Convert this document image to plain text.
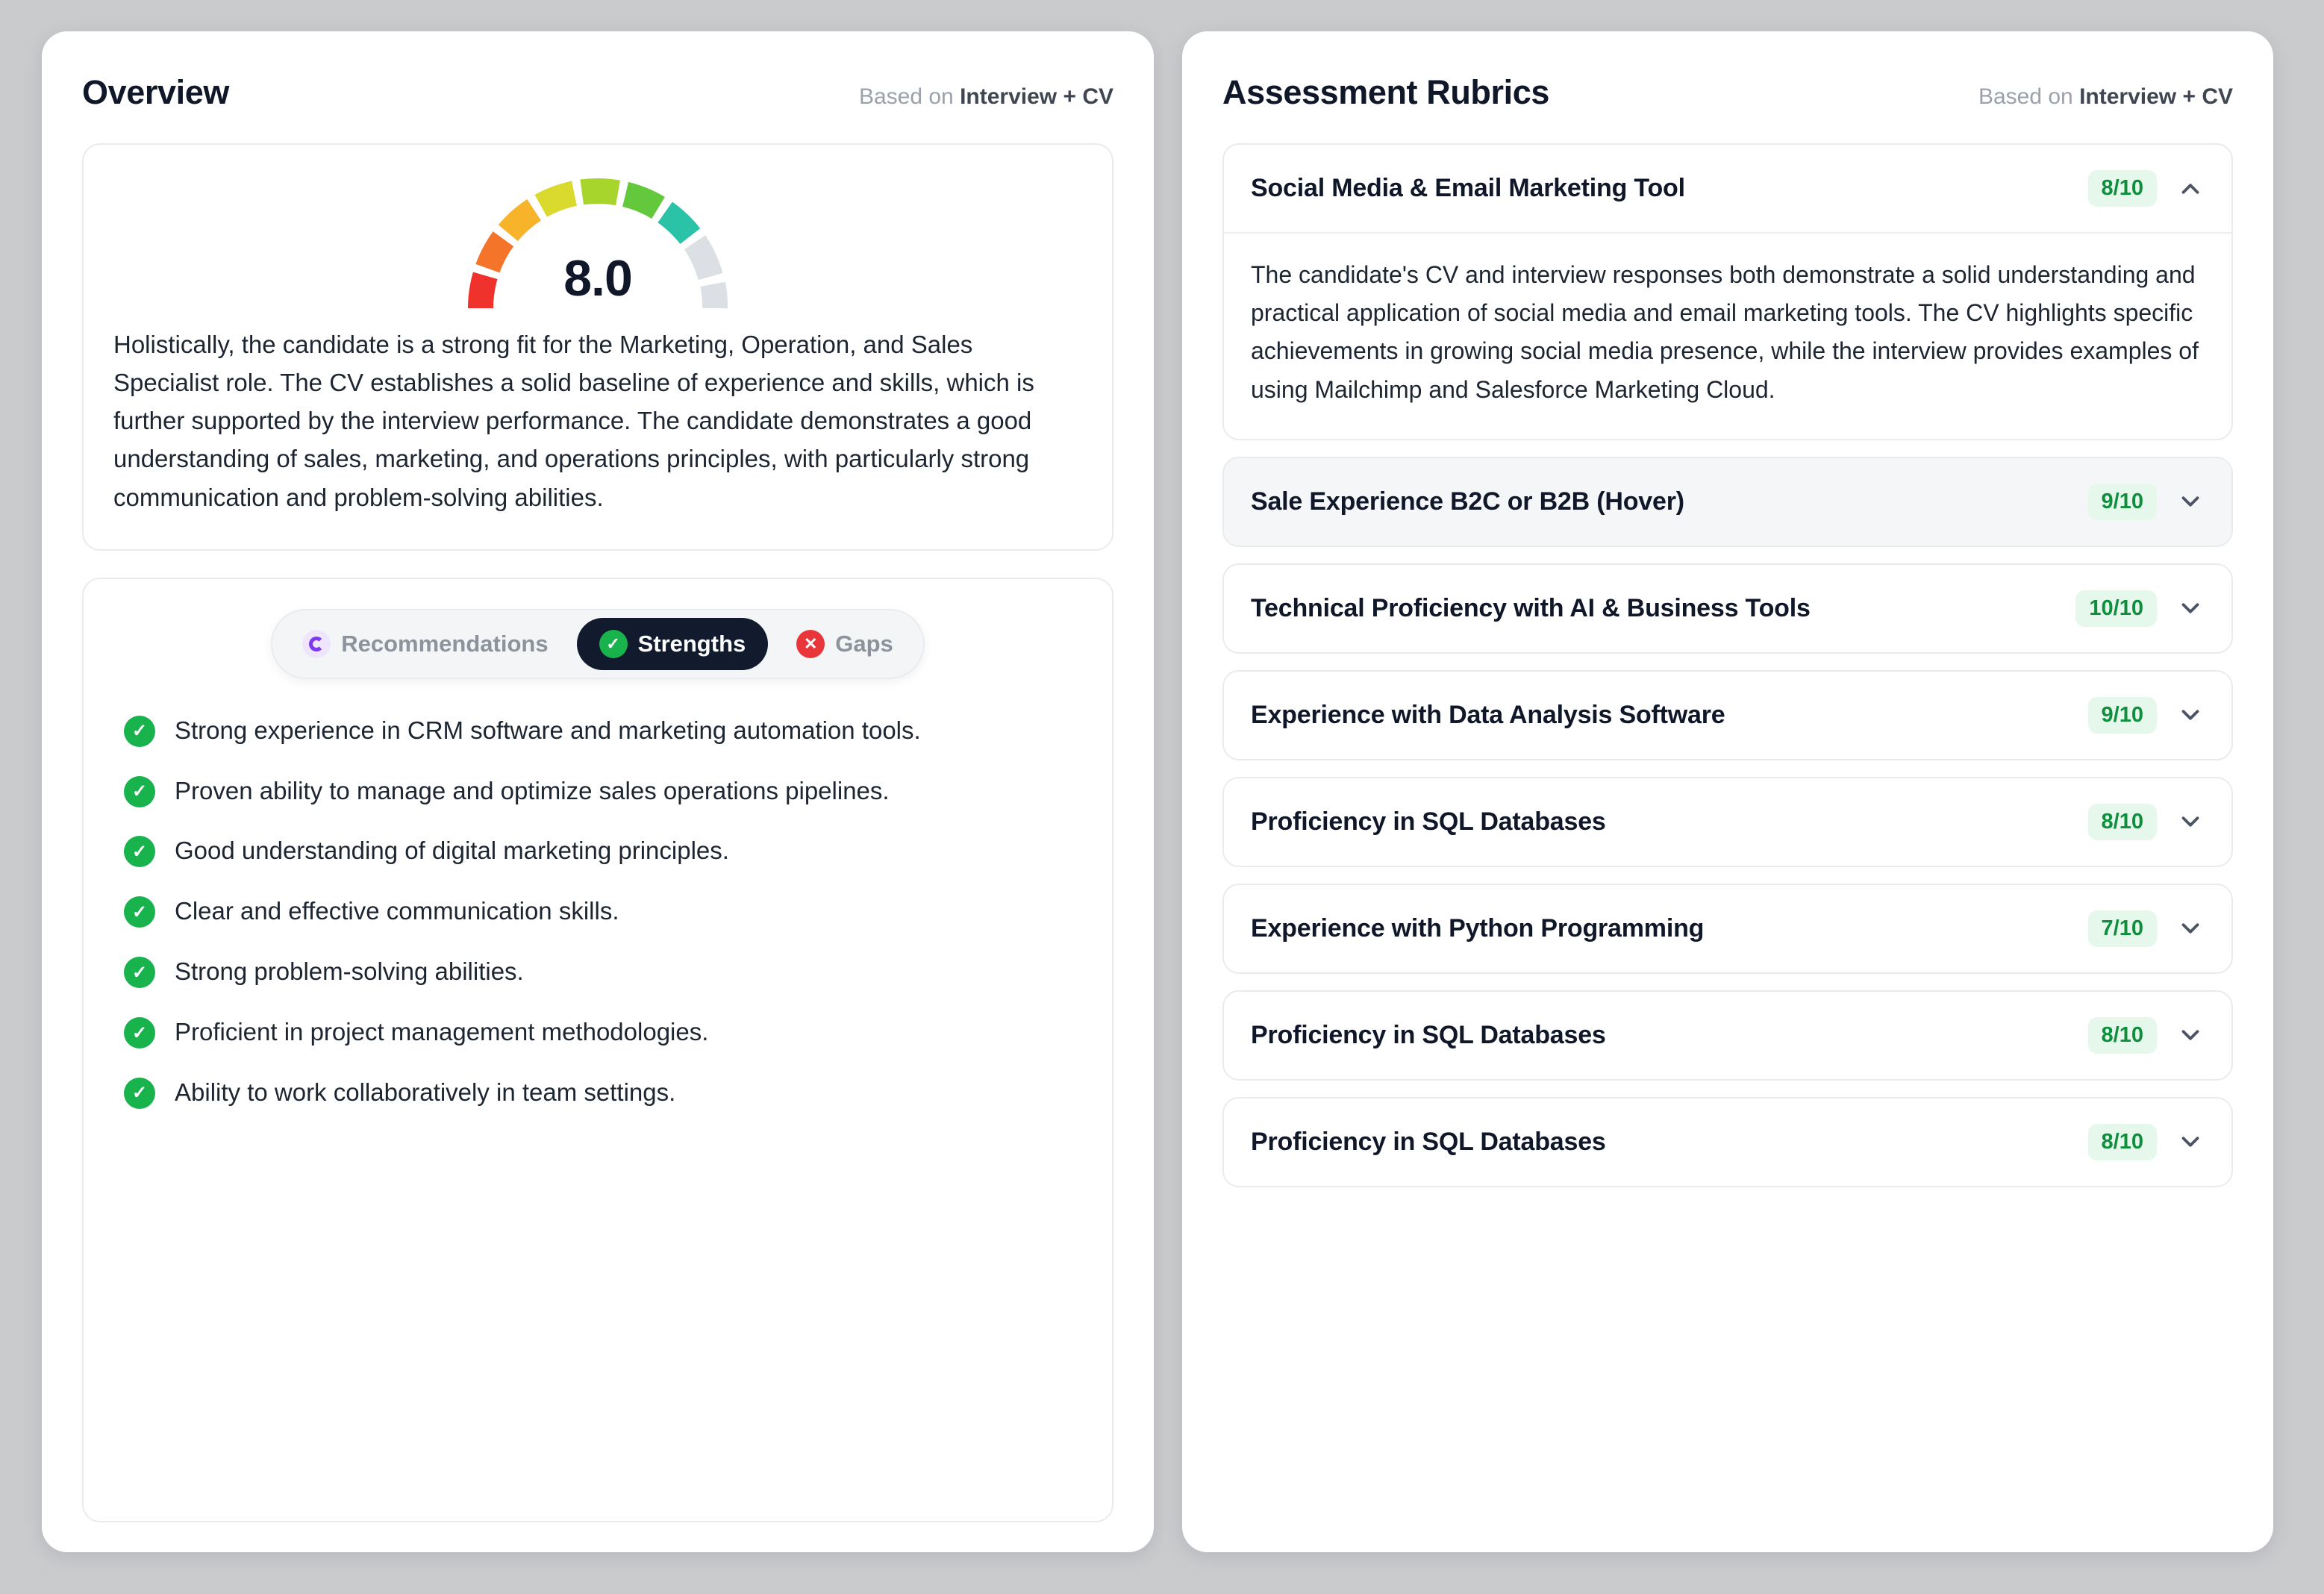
Overview	Based on Interview + CV
8.0

Holistically, the candidate is a strong fit for the Marketing, Operation, and Sales Specialist role. The CV establishes a solid baseline of experience and skills, which is further supported by the interview performance. The candidate demonstrates a good understanding of sales, marketing, and operations principles, with particularly strong communication and problem-solving abilities.

Recommendations	✓ Strengths	✕ Gaps
✓	Strong experience in CRM software and marketing automation tools.
✓	Proven ability to manage and optimize sales operations pipelines.
✓	Good understanding of digital marketing principles.
✓	Clear and effective communication skills.
✓	Strong problem-solving abilities.
✓	Proficient in project management methodologies.
✓	Ability to work collaboratively in team settings.
Assessment Rubrics	Based on Interview + CV
Social Media & Email Marketing Tool	8/10
The candidate's CV and interview responses both demonstrate a solid understanding and practical application of social media and email marketing tools. The CV highlights specific achievements in growing social media presence, while the interview provides examples of using Mailchimp and Salesforce Marketing Cloud.
Sale Experience B2C or B2B (Hover)	9/10
Technical Proficiency with AI & Business Tools	10/10
Experience with Data Analysis Software	9/10
Proficiency in SQL Databases	8/10
Experience with Python Programming	7/10
Proficiency in SQL Databases	8/10
Proficiency in SQL Databases	8/10
